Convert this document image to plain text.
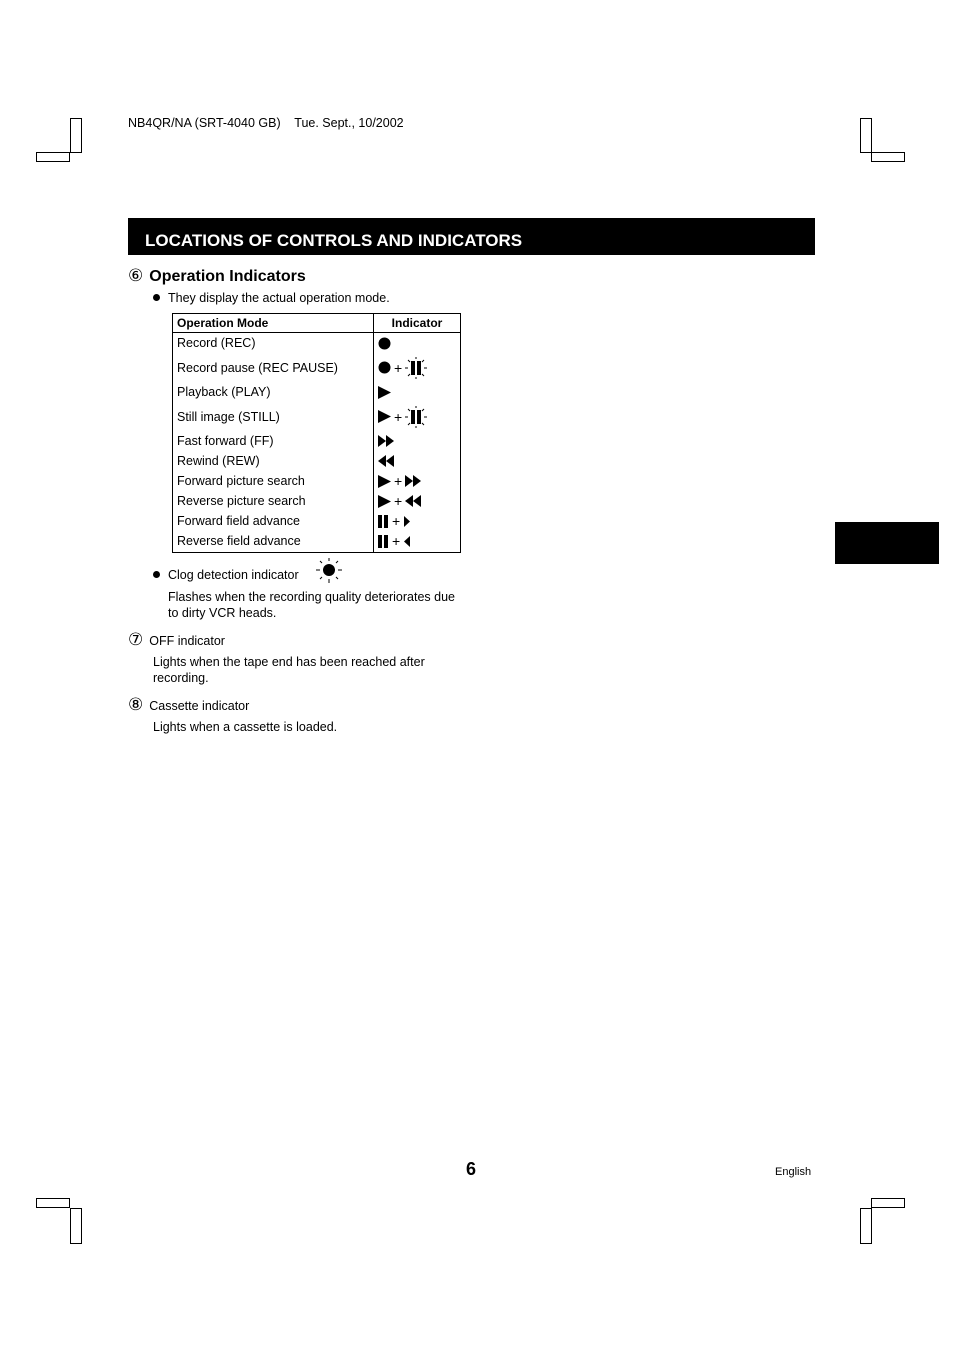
NB4QR/NA (SRT-4040 GB) Tue. Sept., 10/2002
LOCATIONS OF CONTROLS AND INDICATORS
⑥ Operation Indicators
They display the actual operation mode.
Operation Mode	Indicator
Record (REC)	

Record pause (REC PAUSE)	+

Playback (PLAY)	

Still image (STILL)	+

Fast forward (FF)	

Rewind (REW)	

Forward picture search	+

Reverse picture search	+

Forward field advance	+

Reverse field advance	+
Clog detection indicator
Flashes when the recording quality deteriorates due to dirty VCR heads.
⑦ OFF indicator
Lights when the tape end has been reached after recording.
⑧ Cassette indicator
Lights when a cassette is loaded.
6	English
